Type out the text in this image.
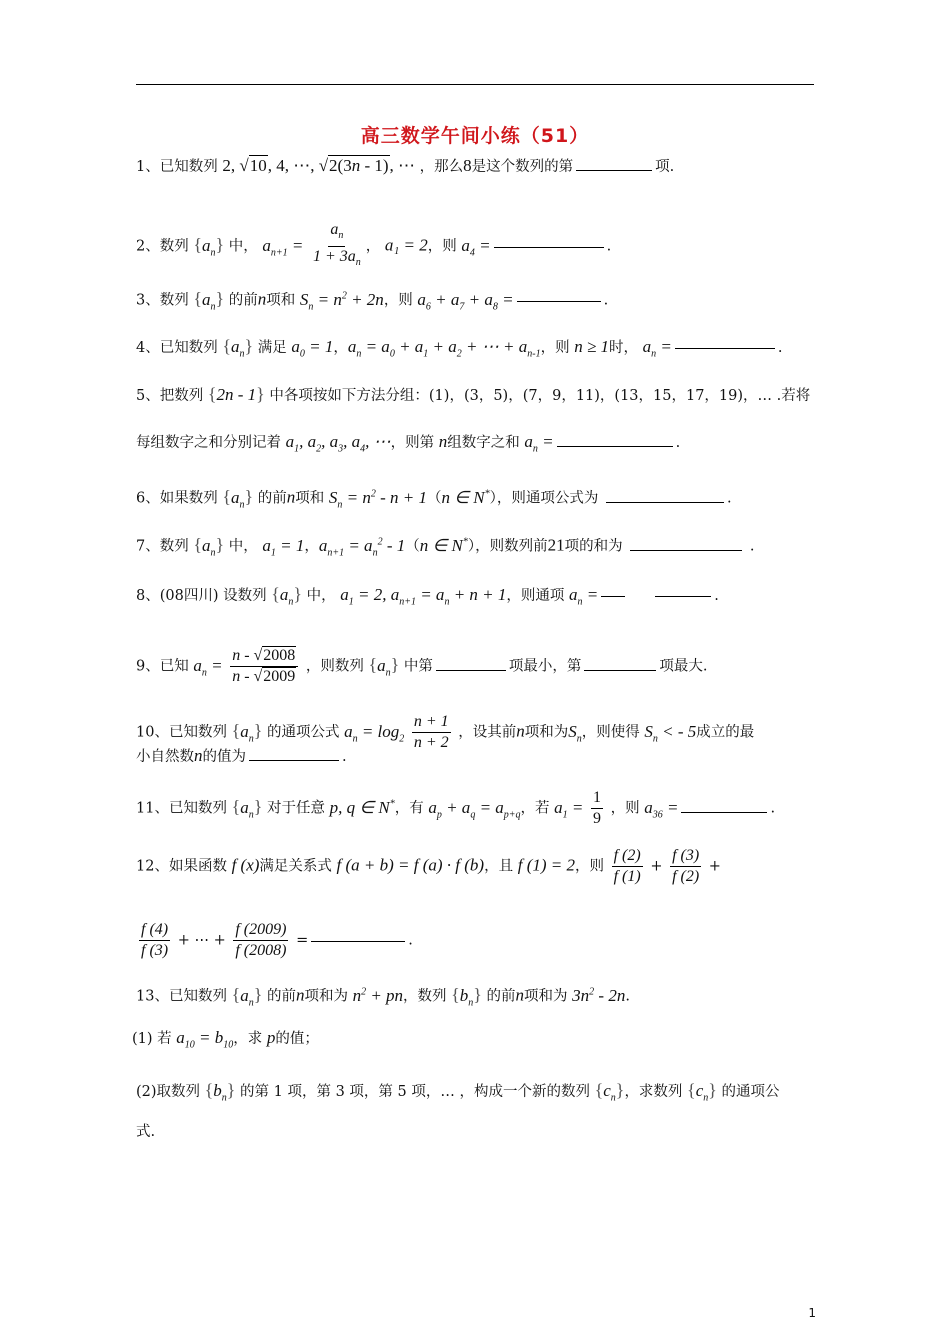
高三数学午间小练（51）
1、已知数列 2, √10, 4, ⋯, √2(3n - 1), ⋯ ，那么8是这个数列的第	项.
2、数列 $\{a_n\}$ 中， $a_{n+1} = \frac{a_n}{1 + 3a_n}$ ， a₁ = 2，则 $a_4$ =	.
3、数列 $\{a_n\}$ 的前n项和 $S_n = n^2 + 2n$，则 $a_6 + a_7 + a_8$ =	.
4、已知数列 $\{a_n\}$ 满足 $a_0 = 1$，$a_n = a_0 + a_1 + a_2$ + ⋯ + $a_{n-1}$，则 n ≥ 1时， $a_n$ =	.
5、把数列 {2n - 1} 中各项按如下方法分组：(1)，(3，5)，(7，9，11)，(13，15，17，19)，… .若将
每组数字之和分别记着 $a_1$, $a_2$, $a_3$, $a_4$, ⋯，则第 n组数字之和 $a_n$ =	.
6、如果数列 $\{a_n\}$ 的前n项和 $S_n = n^2 - n + 1(n$ ∈ N*），则通项公式为	.
7、数列 $\{a_n\}$ 中， $a_1 = 1$，$a_{n+1} = a_n^2 - 1(n$ ∈ N*），则数列前21项的和为	.
8、(08四川) 设数列 $\{a_n\}$ 中， $a_1 = 2$, $a_{n+1} = a_n + n + 1$，则通项 $a_n$ =	.
9、已知 $a_n = \frac{n - √2008}{n - √2009}$ ，则数列 $\{a_n\}$ 中第	项最小，第	项最大.
10、已知数列 $\{a_n\}$ 的通项公式 $a_n = \log_2 \frac{n + 1}{n + 2}$ ，设其前n项和为$S_n$，则使得 $S_n$ < - 5成立的最
小自然数n的值为	.
11、已知数列 $\{a_n\}$ 对于任意 p, q ∈ N*，有 $a_p + a_q = a_{p+q}$，若 $a_1 = \frac{1}{9}$ ，则 $a_{36}$ =	.
12、如果函数 f (x)满足关系式 f (a + b) = f (a) · f (b)，且 f (1) = 2，则 $\frac{f (2)}{f (1)} + \frac{f (3)}{f (2)}$ +
$\frac{f (4)}{f (3)}$ + ⋯ + $\frac{f (2009)}{f (2008)}$ =	.
13、已知数列 $\{a_n\}$ 的前n项和为 $n^2$ + pn，数列 $\{b_n\}$ 的前n项和为 $3n^2 - 2n$.
(1) 若 $a_{10} = b_{10}$，求 p的值；
(2)取数列 $\{b_n\}$ 的第 1 项，第 3 项，第 5 项，… ，构成一个新的数列 $\{c_n\}$，求数列 $\{c_n\}$ 的通项公
式.
1
